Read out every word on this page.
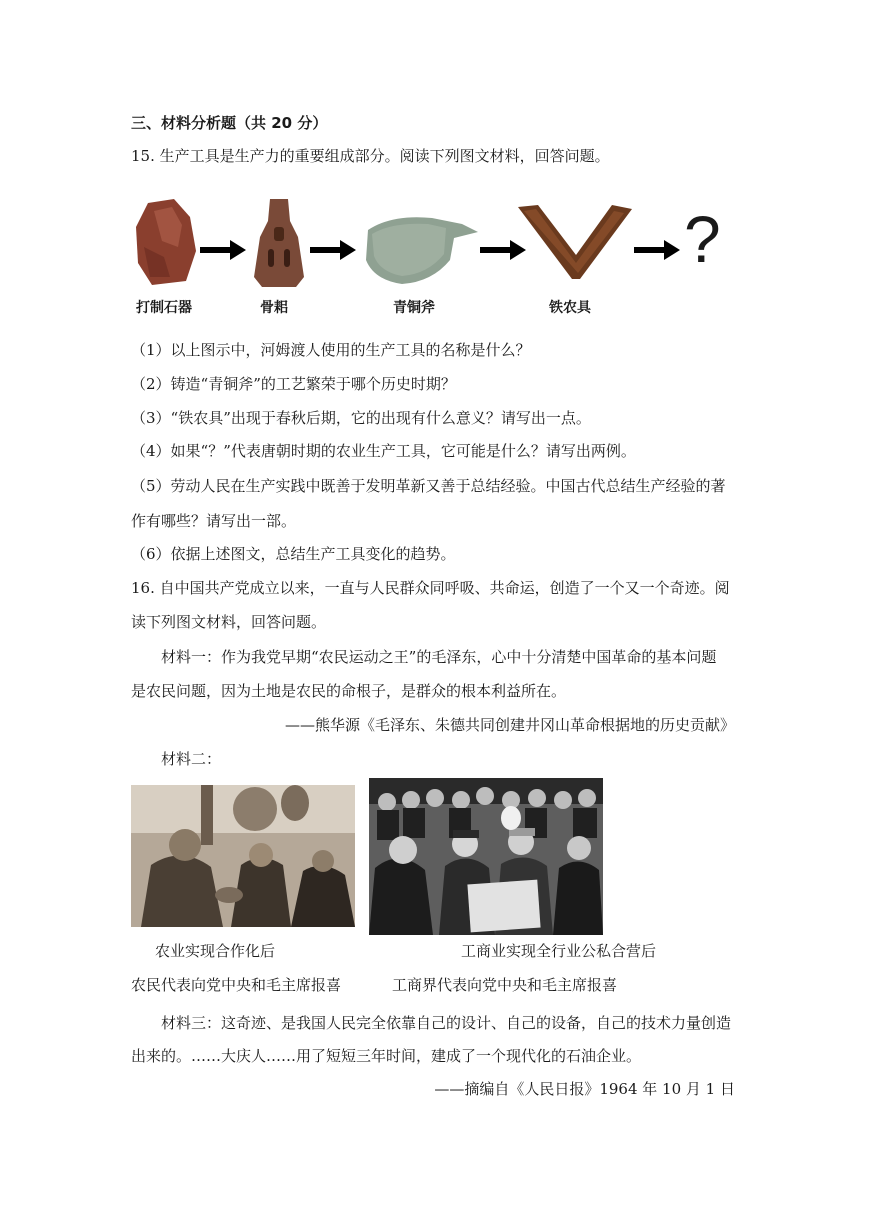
三、材料分析题（共 20 分）
15. 生产工具是生产力的重要组成部分。阅读下列图文材料，回答问题。
?
打制石器	骨耜	青铜斧	铁农具
（1）以上图示中，河姆渡人使用的生产工具的名称是什么？
（2）铸造“青铜斧”的工艺繁荣于哪个历史时期？
（3）“铁农具”出现于春秋后期，它的出现有什么意义？请写出一点。
（4）如果“？”代表唐朝时期的农业生产工具，它可能是什么？请写出两例。
（5）劳动人民在生产实践中既善于发明革新又善于总结经验。中国古代总结生产经验的著
作有哪些？请写出一部。
（6）依据上述图文，总结生产工具变化的趋势。
16. 自中国共产党成立以来，一直与人民群众同呼吸、共命运，创造了一个又一个奇迹。阅
读下列图文材料，回答问题。
材料一：作为我党早期“农民运动之王”的毛泽东，心中十分清楚中国革命的基本问题
是农民问题，因为土地是农民的命根子，是群众的根本利益所在。
——熊华源《毛泽东、朱德共同创建井冈山革命根据地的历史贡献》
材料二：
农业实现合作化后	工商业实现全行业公私合营后
农民代表向党中央和毛主席报喜	工商界代表向党中央和毛主席报喜
材料三：这奇迹、是我国人民完全依靠自己的设计、自己的设备，自己的技术力量创造
出来的。……大庆人……用了短短三年时间，建成了一个现代化的石油企业。
——摘编自《人民日报》1964 年 10 月 1 日
